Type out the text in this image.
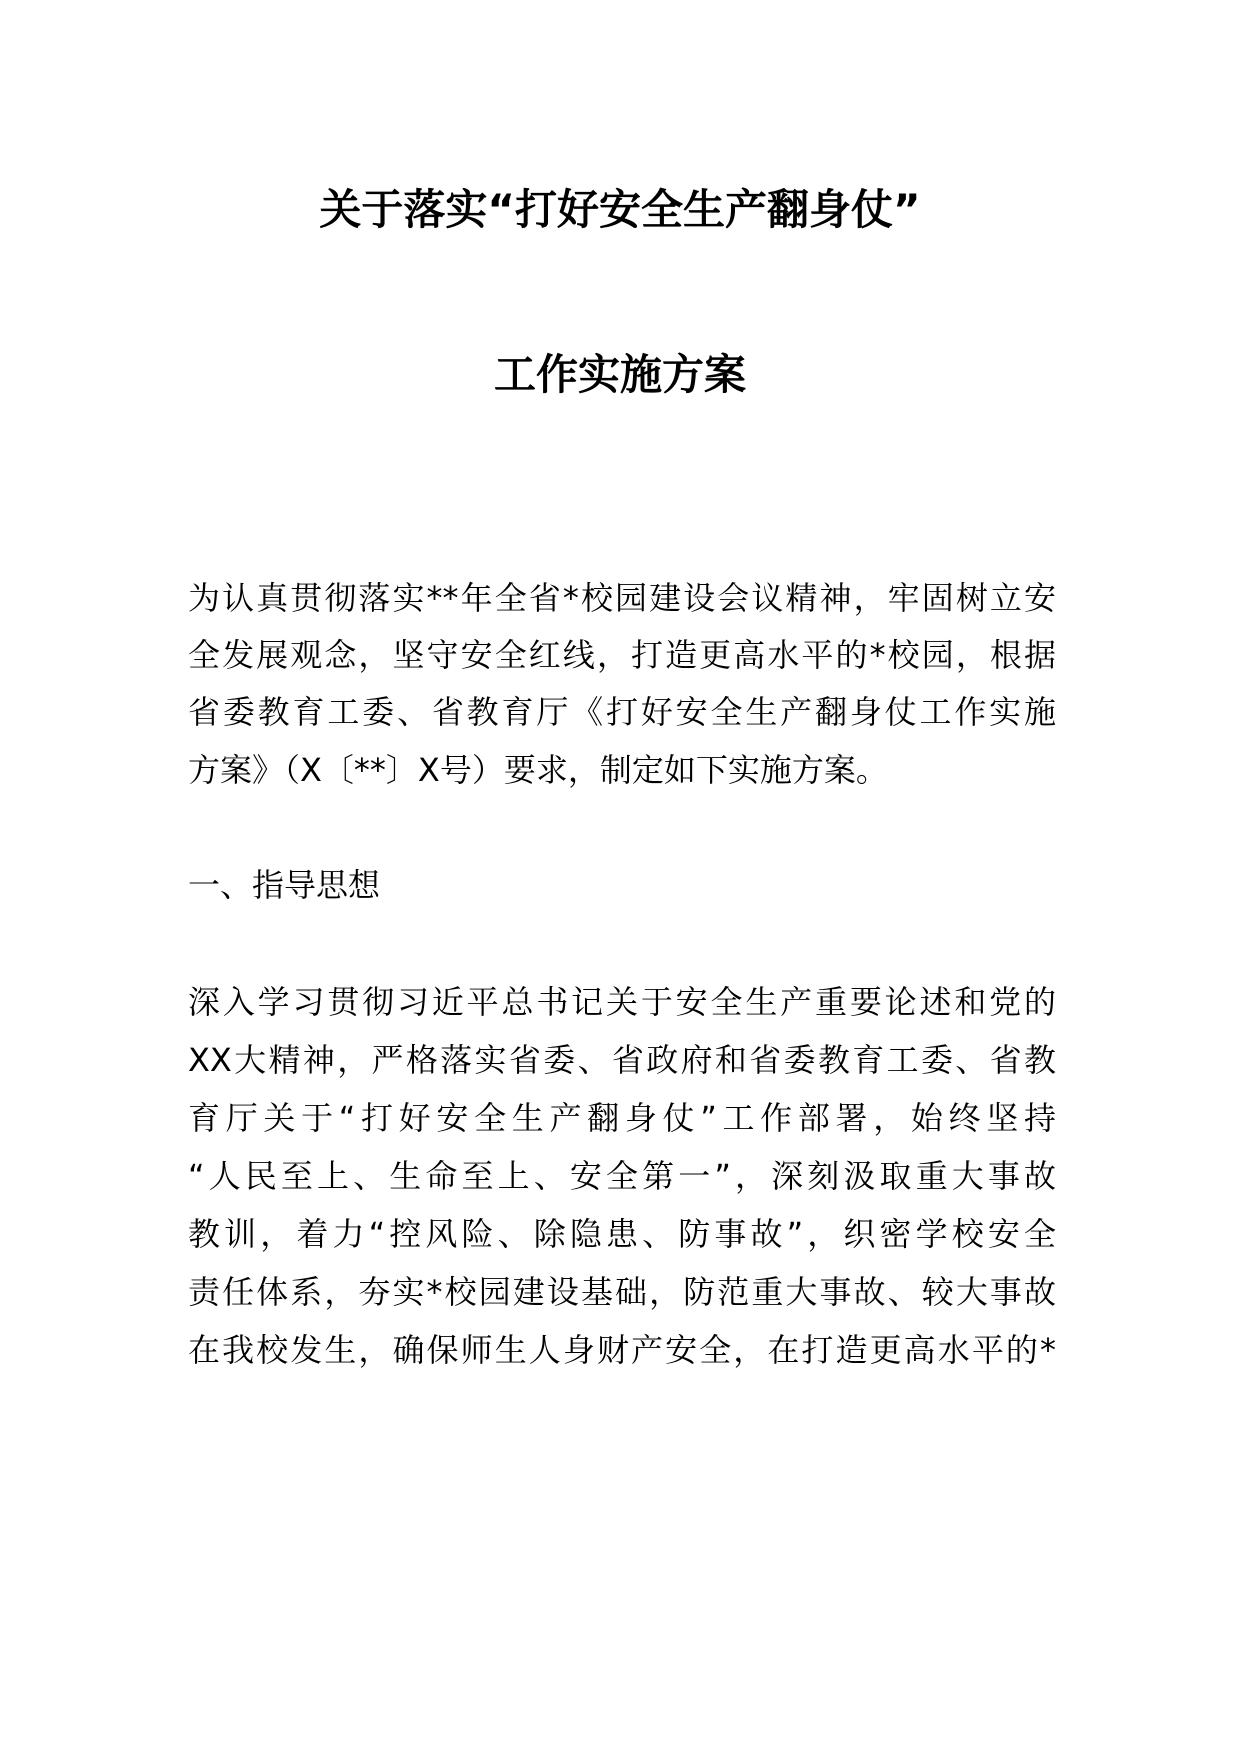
关于落实“打好安全生产翻身仗”
工作实施方案
为认真贯彻落实**年全省*校园建设会议精神，牢固树立安
全发展观念，坚守安全红线，打造更高水平的*校园，根据
省委教育工委、省教育厅《打好安全生产翻身仗工作实施
方案》（X〔**〕X号）要求，制定如下实施方案。
一、指导思想
深入学习贯彻习近平总书记关于安全生产重要论述和党的
XX大精神，严格落实省委、省政府和省委教育工委、省教
育厅关于“打好安全生产翻身仗”工作部署，始终坚持
“人民至上、生命至上、安全第一”，深刻汲取重大事故
教训，着力“控风险、除隐患、防事故”，织密学校安全
责任体系，夯实*校园建设基础，防范重大事故、较大事故
在我校发生，确保师生人身财产安全，在打造更高水平的*
